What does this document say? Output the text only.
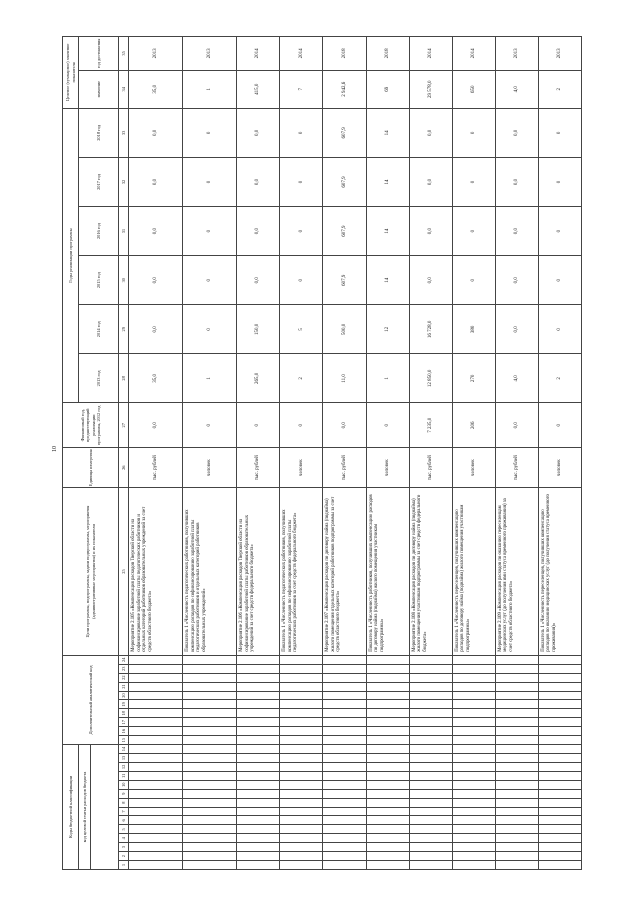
10
Коды бюджетной классификации														Дополнительный аналитический код										Цели программы, подпрограммы, задачи подпрограммы, мероприятия (административные мероприятия) и их показатели	Единица измерения	Финансовый год, предшествующий реализации программы, 2012 год	Годы реализации программы						Целевое (суммарное) значение показателя	
код целевой статьи расходов бюджета																											2013 год	2014 год	2015 год	2016 год	2017 год	2018 год	значение	год достижения

1	2	3	4	5	6	7	8	9	10	11	12	13	14	15	16	17	18	19	20	21	22	23	24	25	26	27	28	29	30	31	32	33	34	35
																								Мероприятие 2.105 «Компенсация расходов Тверской области на софинансирование заработной платы педагогических работников и отдельных категорий работников образовательных учреждений за счет средств областного бюджета»	тыс. рублей	0,0	35,0	0,0	0,0	0,0	0,0	0,0	35,0	2013
																								Показатель 1 «Численность педагогических работников, получивших компенсацию расходов по софинансированию заработной платы педагогических работников и отдельных категорий работников образовательных учреждений»	человек	0	1	0	0	0	0	0	1	2013
																								Мероприятие 2.106 «Компенсация расходов Тверской области на софинансирование заработной платы работников образовательных учреждений за счет средств федерального бюджета»	тыс. рублей	0	265,0	150,0	0,0	0,0	0,0	0,0	415,0	2014
																								Показатель 1 «Численность педагогических работников, получивших компенсацию расходов по софинансированию заработной платы педагогических работников за счет средств федерального бюджета»	человек	0	2	5	0	0	0	0	7	2014
																								Мероприятие 2.107 «Компенсация расходов по договору найма (поднайма) жилого помещения отдельных категорий работников подпрограммы за счет средств областного бюджета»	тыс. рублей	0,0	11,0	500,0	607,9	607,9	607,9	607,9	2 942,6	2018
																								Показатель 1 «Численность работников, получивших компенсацию расходов по договору найма (поднайма) жилого помещения участникам подпрограммы»	человек	0	1	12	14	14	14	14	69	2018
																								Мероприятие 2.108 «Компенсация расходов по договору найма (поднайма) жилого помещения участникам подпрограммы за счет средств федерального бюджета»	тыс. рублей	7 235,0	12 850,0	16 728,0	0,0	0,0	0,0	0,0	29 578,0	2014
																								Показатель 1 «Численность переселенцев, получивших компенсацию расходов по договору найма (поднайма) жилого помещения участникам подпрограммы»	человек	206	270	380	0	0	0	0	650	2014
																								Мероприятие 2.109 «Компенсация расходов по оказанию переселенцам медицинских услуг (до получения ими статуса временного проживания) за счет средств областного бюджета»	тыс. рублей	0,0	4,0	0,0	0,0	0,0	0,0	0,0	4,0	2013
																								Показатель 1 «Численность переселенцев, получивших компенсацию расходов по оказанию медицинских услуг (до получения статуса временного проживания)»	человек	0	2	0	0	0	0	0	2	2013
